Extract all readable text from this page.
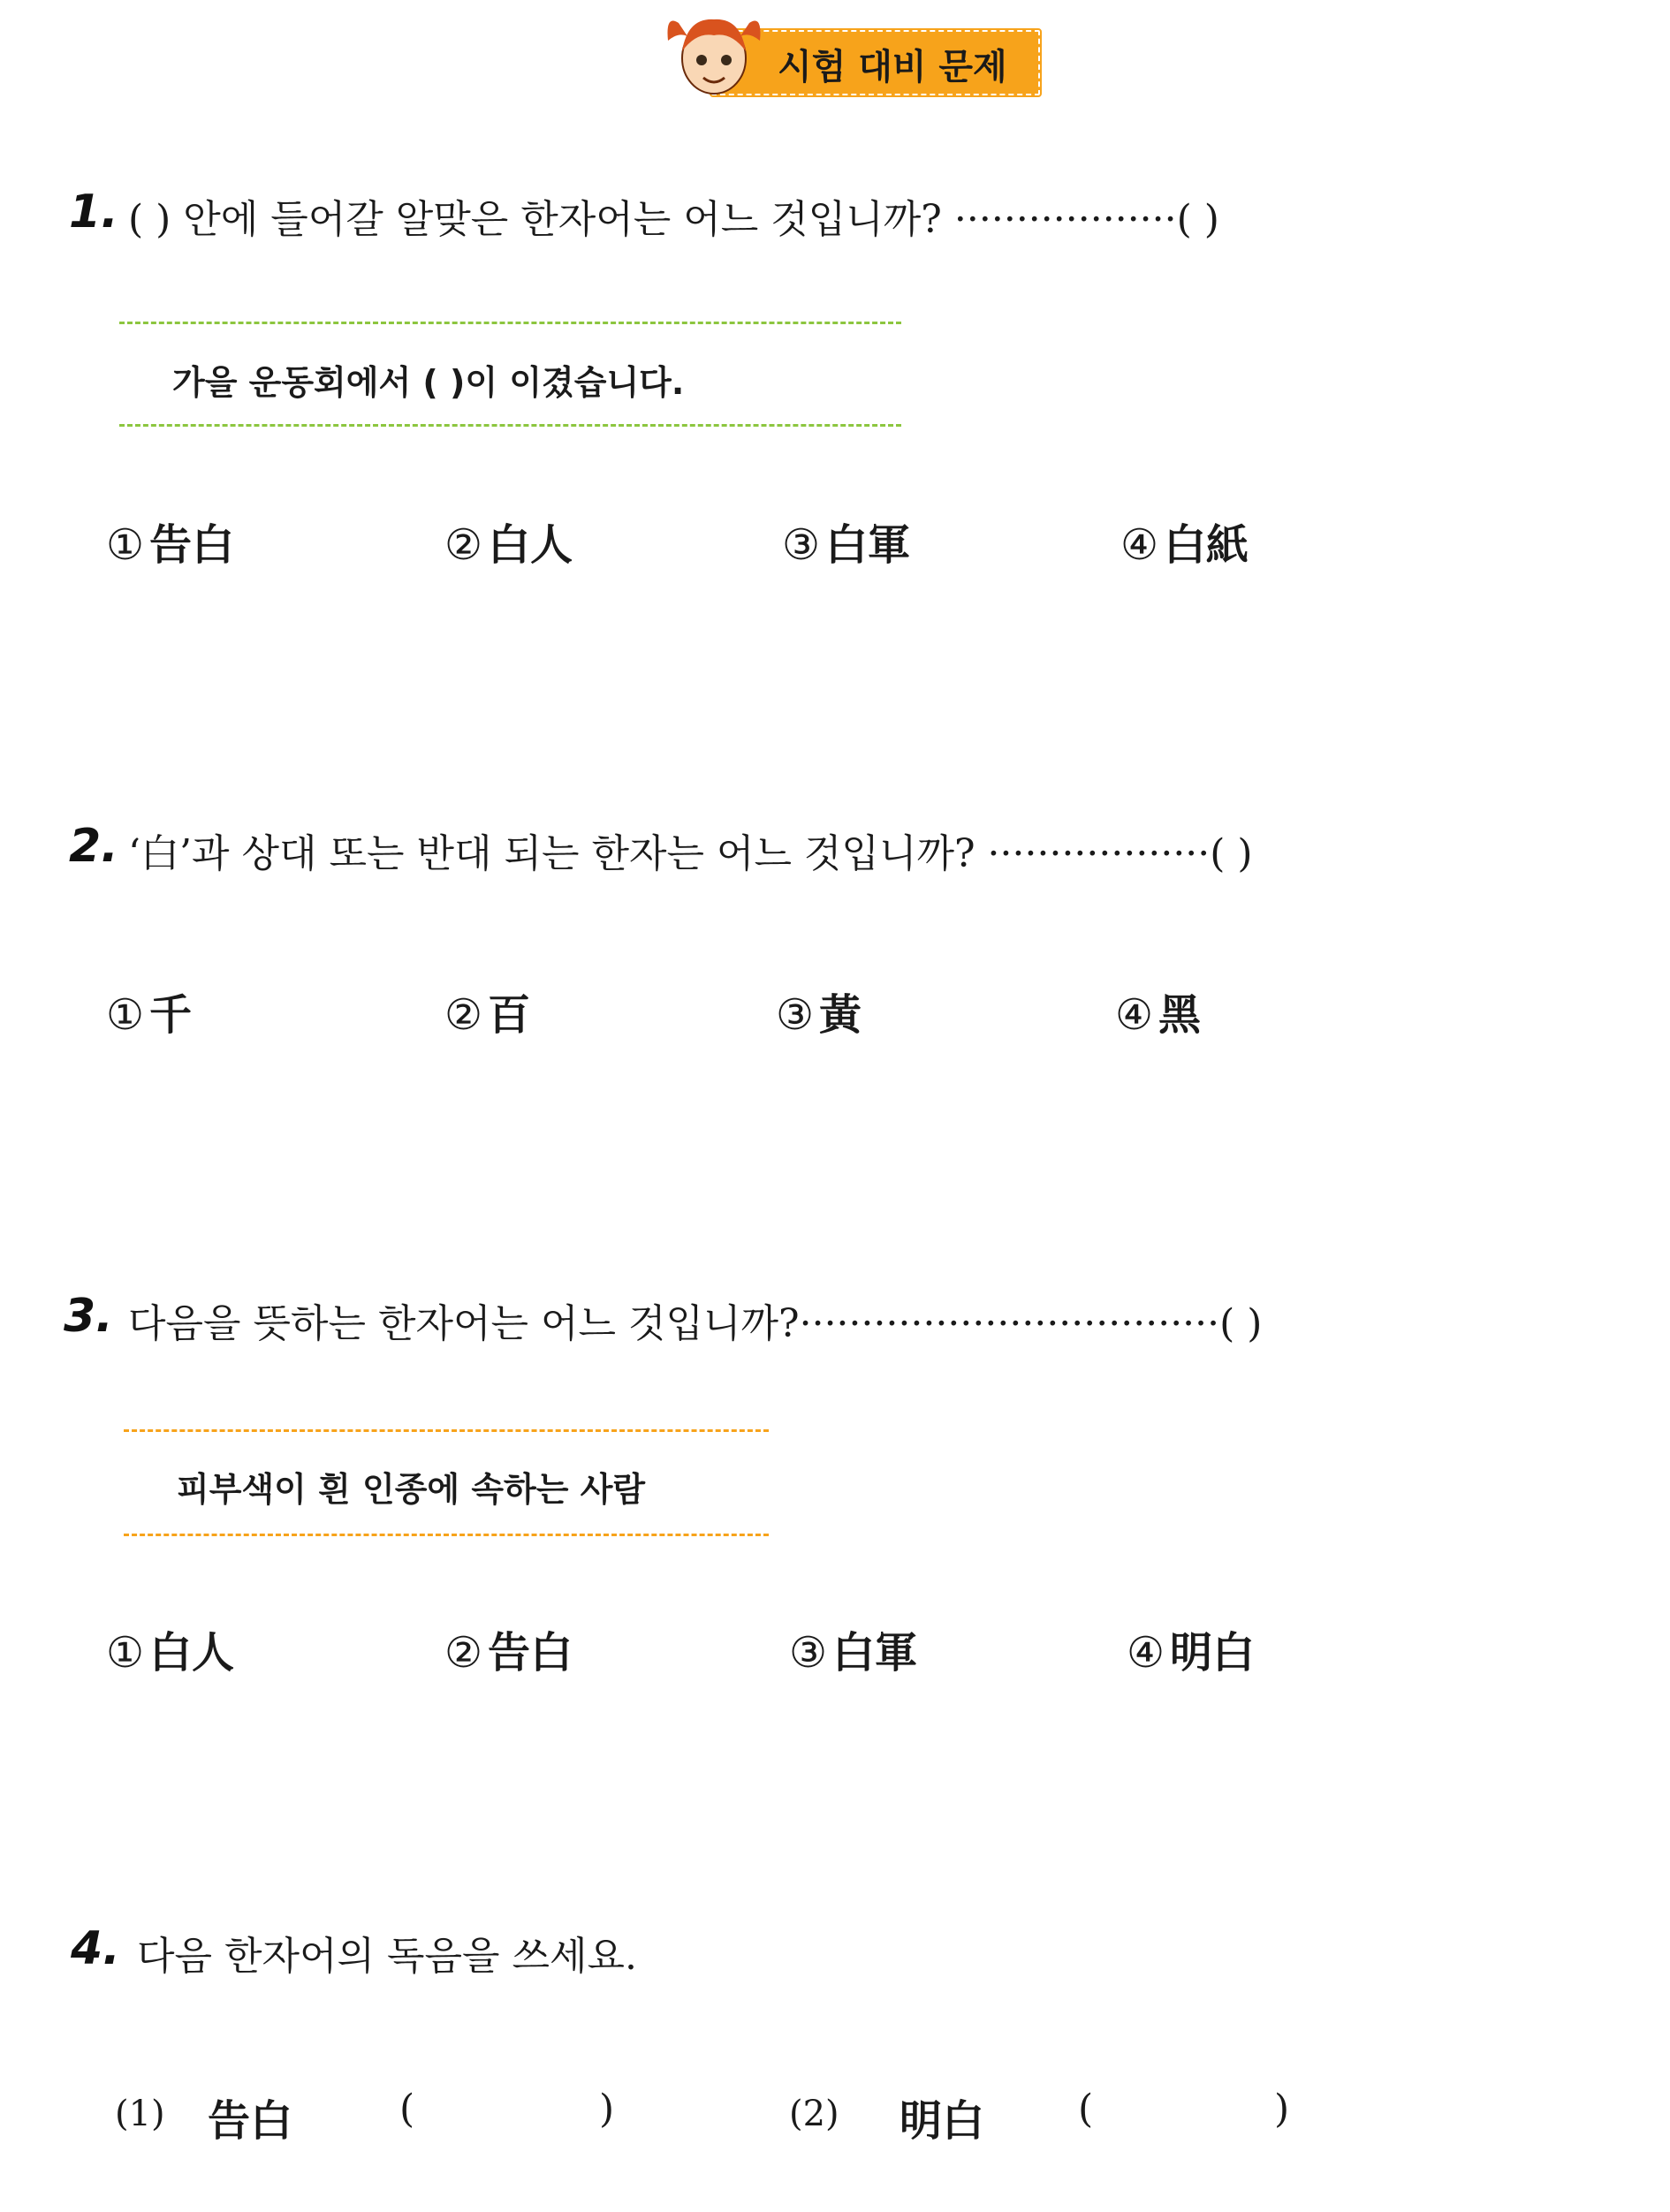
시험 대비 문제
1. ( ) 안에 들어갈 알맞은 한자어는 어느 것입니까? ··················( )
가을 운동회에서 ( )이 이겼습니다.
① 告白	② 白人	③ 白軍	④ 白紙
2. ‘白’과 상대 또는 반대 되는 한자는 어느 것입니까? ··················( )
① 千	② 百	③ 黃	④ 黑
3. 다음을 뜻하는 한자어는 어느 것입니까?··································( )
피부색이 흰 인종에 속하는 사람
① 白人	② 告白	③ 白軍	④ 明白
4. 다음 한자어의 독음을 쓰세요.
(1) 告白	(	)	(2) 明白 (	)
